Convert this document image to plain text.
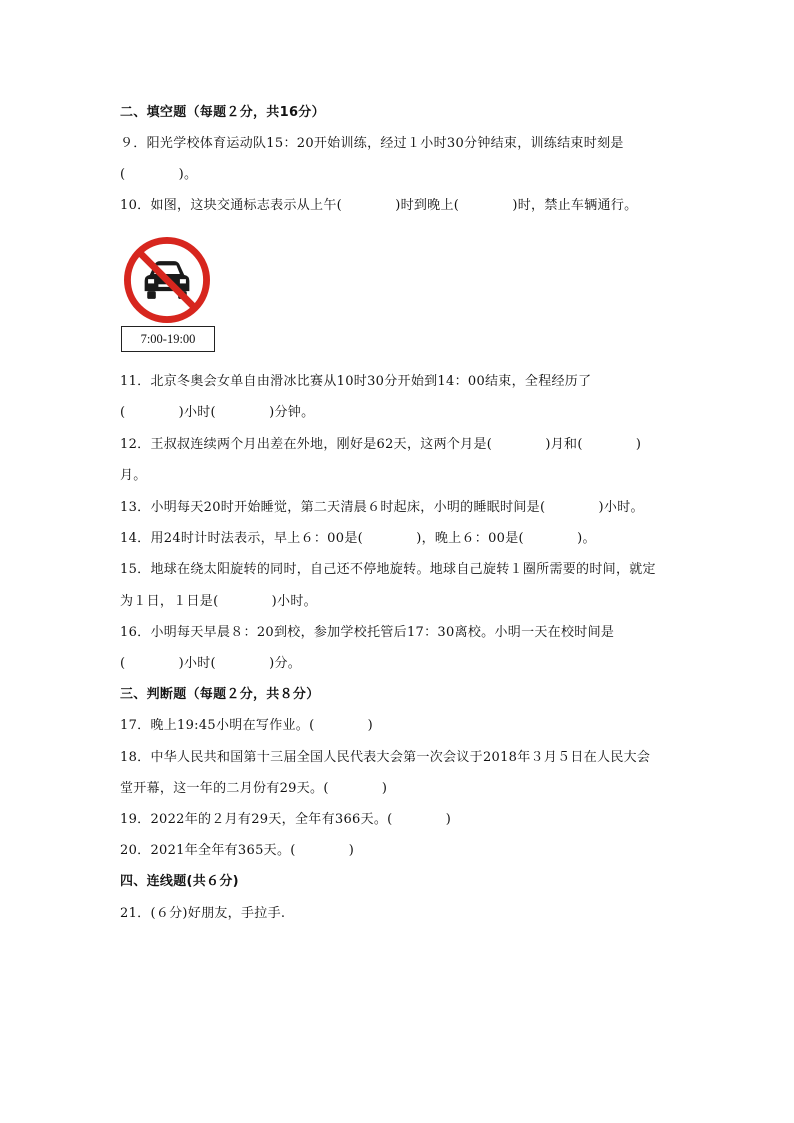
二、填空题（每题２分，共16分）
９．阳光学校体育运动队15：20开始训练，经过１小时30分钟结束，训练结束时刻是
(　　　　)。
10．如图，这块交通标志表示从上午(　　　　)时到晚上(　　　　)时，禁止车辆通行。
7:00-19:00
11．北京冬奥会女单自由滑冰比赛从10时30分开始到14：00结束，全程经历了
(　　　　)小时(　　　　)分钟。
12．王叔叔连续两个月出差在外地，刚好是62天，这两个月是(　　　　)月和(　　　　)
月。
13．小明每天20时开始睡觉，第二天清晨６时起床，小明的睡眠时间是(　　　　)小时。
14．用24时计时法表示，早上６：00是(　　　　)，晚上６：00是(　　　　)。
15．地球在绕太阳旋转的同时，自己还不停地旋转。地球自己旋转１圈所需要的时间，就定
为１日，１日是(　　　　)小时。
16．小明每天早晨８：20到校，参加学校托管后17：30离校。小明一天在校时间是
(　　　　)小时(　　　　)分。
三、判断题（每题２分，共８分）
17．晚上19:45小明在写作业。(　　　　)
18．中华人民共和国第十三届全国人民代表大会第一次会议于2018年３月５日在人民大会
堂开幕，这一年的二月份有29天。(　　　　)
19．2022年的２月有29天，全年有366天。(　　　　)
20．2021年全年有365天。(　　　　)
四、连线题(共６分)
21．(６分)好朋友，手拉手.
